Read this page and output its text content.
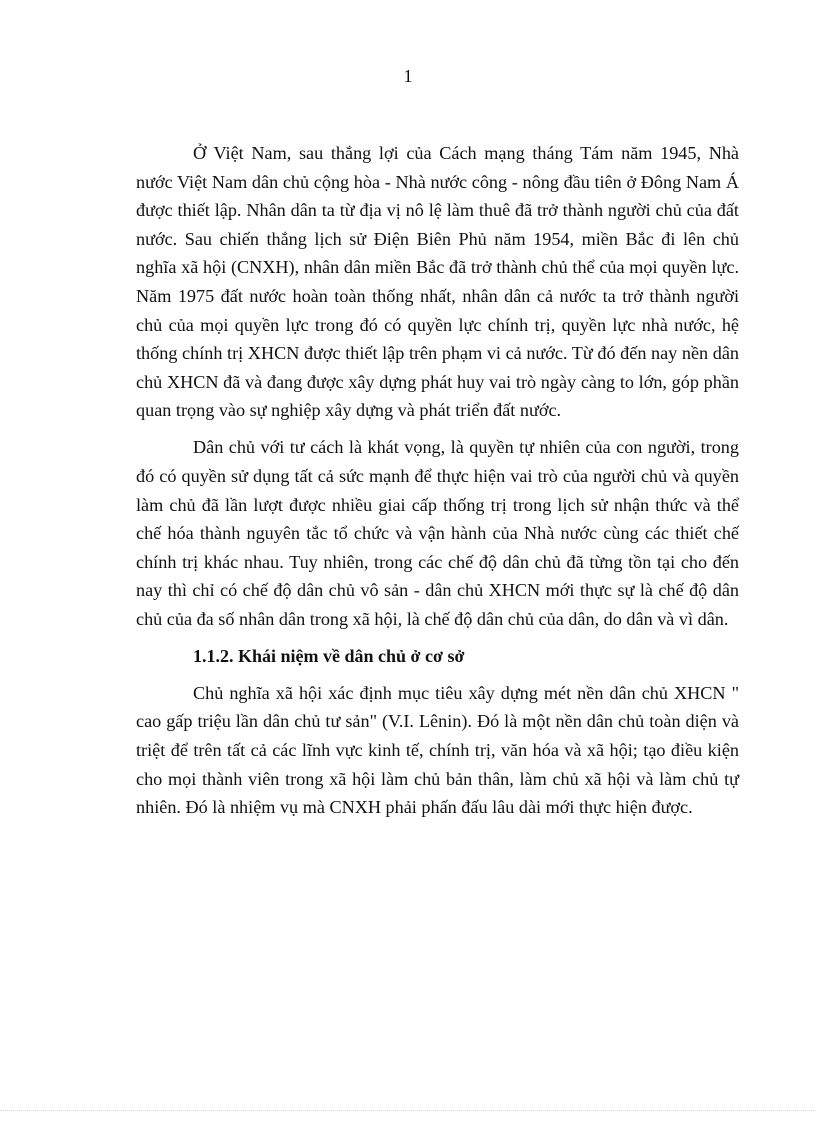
1

Ở Việt Nam, sau thắng lợi của Cách mạng tháng Tám năm 1945, Nhà nước Việt Nam dân chủ cộng hòa - Nhà nước công - nông đầu tiên ở Đông Nam Á được thiết lập. Nhân dân ta từ địa vị nô lệ làm thuê đã trở thành người chủ của đất nước. Sau chiến thắng lịch sử Điện Biên Phủ năm 1954, miền Bắc đi lên chủ nghĩa xã hội (CNXH), nhân dân miền Bắc đã trở thành chủ thể của mọi quyền lực. Năm 1975 đất nước hoàn toàn thống nhất, nhân dân cả nước ta trở thành người chủ của mọi quyền lực trong đó có quyền lực chính trị, quyền lực nhà nước, hệ thống chính trị XHCN được thiết lập trên phạm vi cả nước. Từ đó đến nay nền dân chủ XHCN đã và đang được xây dựng phát huy vai trò ngày càng to lớn, góp phần quan trọng vào sự nghiệp xây dựng và phát triển đất nước.

Dân chủ với tư cách là khát vọng, là quyền tự nhiên của con người, trong đó có quyền sử dụng tất cả sức mạnh để thực hiện vai trò của người chủ và quyền làm chủ đã lần lượt được nhiều giai cấp thống trị trong lịch sử nhận thức và thể chế hóa thành nguyên tắc tổ chức và vận hành của Nhà nước cùng các thiết chế chính trị khác nhau. Tuy nhiên, trong các chế độ dân chủ đã từng tồn tại cho đến nay thì chỉ có chế độ dân chủ vô sản - dân chủ XHCN mới thực sự là chế độ dân chủ của đa số nhân dân trong xã hội, là chế độ dân chủ của dân, do dân và vì dân.

1.1.2. Khái niệm về dân chủ ở cơ sở

Chủ nghĩa xã hội xác định mục tiêu xây dựng mét nền dân chủ XHCN " cao gấp triệu lần dân chủ tư sản" (V.I. Lênin). Đó là một nền dân chủ toàn diện và triệt để trên tất cả các lĩnh vực kinh tế, chính trị, văn hóa và xã hội; tạo điều kiện cho mọi thành viên trong xã hội làm chủ bản thân, làm chủ xã hội và làm chủ tự nhiên. Đó là nhiệm vụ mà CNXH phải phấn đấu lâu dài mới thực hiện được.
